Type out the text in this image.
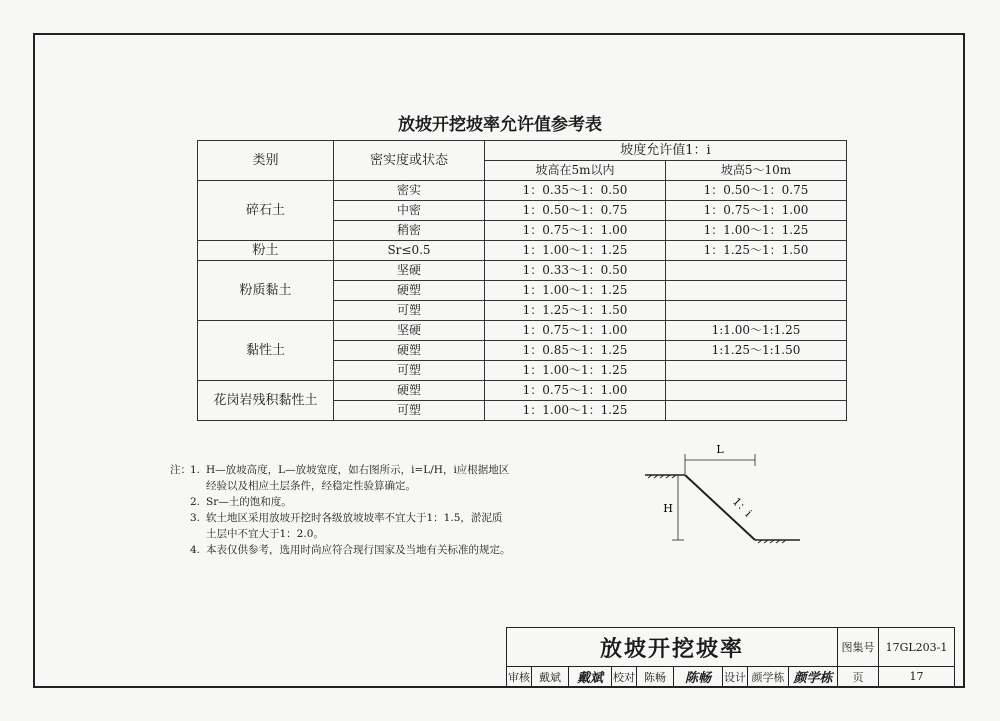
放坡开挖坡率允许值参考表
类别	密实度或状态	坡度允许值1：i	
		坡高在5m以内	坡高5～10m
碎石土	密实	1：0.35～1：0.50	1：0.50～1：0.75
	中密	1：0.50～1：0.75	1：0.75～1：1.00
	稍密	1：0.75～1：1.00	1：1.00～1：1.25
粉土	Sr≤0.5	1：1.00～1：1.25	1：1.25～1：1.50
粉质黏土	坚硬	1：0.33～1：0.50	
	硬塑	1：1.00～1：1.25	
	可塑	1：1.25～1：1.50	
黏性土	坚硬	1：0.75～1：1.00	1:1.00～1:1.25
	硬塑	1：0.85～1：1.25	1:1.25～1:1.50
	可塑	1：1.00～1：1.25	
花岗岩残积黏性土	硬塑	1：0.75～1：1.00	
	可塑	1：1.00～1：1.25	
注： 1. H—放坡高度，L—放坡宽度，如右图所示，i=L/H，i应根据地区
经验以及相应土层条件，经稳定性验算确定。
2. Sr—土的饱和度。
3. 软土地区采用放坡开挖时各级放坡坡率不宜大于1：1.5，淤泥质
土层中不宜大于1：2.0。
4. 本表仅供参考，选用时尚应符合现行国家及当地有关标准的规定。
L
H	1：i
放坡开挖坡率									图集号	17GL203-1
审核	戴斌	戴斌	校对	陈畅	陈畅	设计	颜学栋	颜学栋	页	17
